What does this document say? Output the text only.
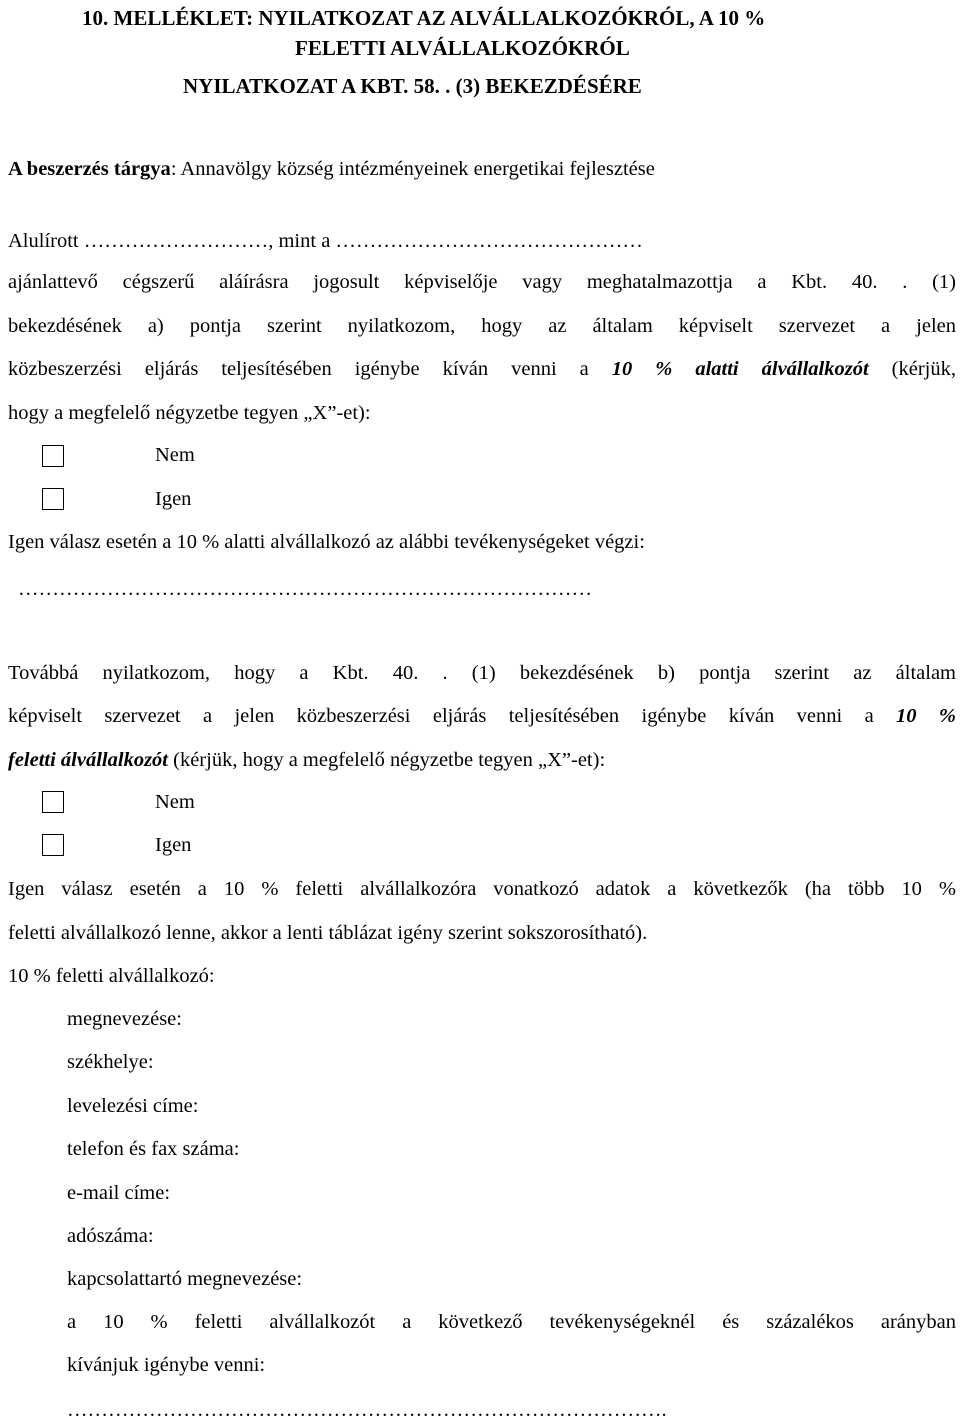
10. MELLÉKLET: NYILATKOZAT AZ ALVÁLLALKOZÓKRÓL, A 10 %
FELETTI ALVÁLLALKOZÓKRÓL
NYILATKOZAT A KBT. 58. . (3) BEKEZDÉSÉRE
A beszerzés tárgya: Annavölgy község intézményeinek energetikai fejlesztése
Alulírott ………………………, mint a ………………………………………
ajánlattevő cégszerű aláírásra jogosult képviselője vagy meghatalmazottja a Kbt. 40. . (1)
bekezdésének a) pontja szerint nyilatkozom, hogy az általam képviselt szervezet a jelen
közbeszerzési eljárás teljesítésében igénybe kíván venni a 10 % alatti álvállalkozót (kérjük,
hogy a megfelelő négyzetbe tegyen „X”-et):
Nem
Igen
Igen válasz esetén a 10 % alatti alvállalkozó az alábbi tevékenységeket végzi:
…………………………………………………………………………
Továbbá nyilatkozom, hogy a Kbt. 40. . (1) bekezdésének b) pontja szerint az általam
képviselt szervezet a jelen közbeszerzési eljárás teljesítésében igénybe kíván venni a 10 %
feletti álvállalkozót (kérjük, hogy a megfelelő négyzetbe tegyen „X”-et):
Nem
Igen
Igen válasz esetén a 10 % feletti alvállalkozóra vonatkozó adatok a következők (ha több 10 %
feletti alvállalkozó lenne, akkor a lenti táblázat igény szerint sokszorosítható).
10 % feletti alvállalkozó:
megnevezése:
székhelye:
levelezési címe:
telefon és fax száma:
e-mail címe:
adószáma:
kapcsolattartó megnevezése:
a 10 % feletti alvállalkozót a következő tevékenységeknél és százalékos arányban
kívánjuk igénybe venni:
…………………………………………………………………………….
